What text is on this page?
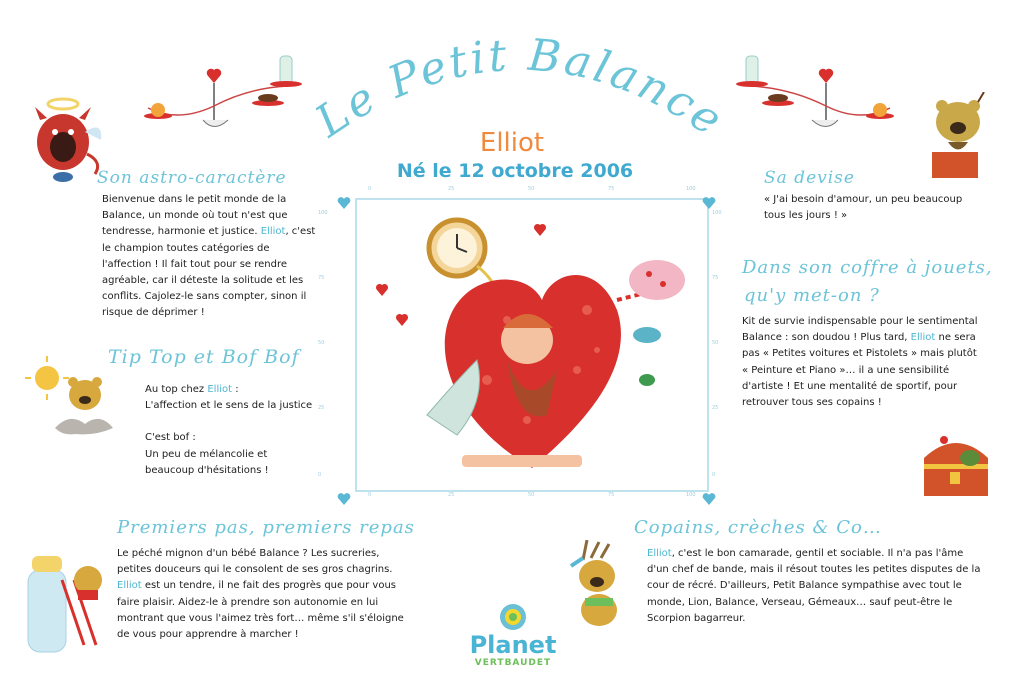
Le Petit Balance
Elliot
Né le 12 octobre 2006
Son astro-caractère
Bienvenue dans le petit monde de la Balance, un monde où tout n'est que tendresse, harmonie et justice. Elliot, c'est le champion toutes catégories de l'affection ! Il fait tout pour se rendre agréable, car il déteste la solitude et les conflits. Cajolez-le sans compter, sinon il risque de déprimer !
Tip Top et Bof Bof
Au top chez Elliot :
L'affection et le sens de la justice
C'est bof :
Un peu de mélancolie et beaucoup d'hésitations !
Premiers pas, premiers repas
Le péché mignon d'un bébé Balance ? Les sucreries, petites douceurs qui le consolent de ses gros chagrins. Elliot est un tendre, il ne fait des progrès que pour vous faire plaisir. Aidez-le à prendre son autonomie en lui montrant que vous l'aimez très fort… même s'il s'éloigne de vous pour apprendre à marcher !
0	25	50	75	100
0	25	50	75	100
100
75
50
25
0
100
75
50
25
0
Sa devise
« J'ai besoin d'amour, un peu beaucoup tous les jours ! »
Dans son coffre à jouets,
qu'y met-on ?
Kit de survie indispensable pour le sentimental Balance : son doudou ! Plus tard, Elliot ne sera pas « Petites voitures et Pistolets » mais plutôt « Peinture et Piano »… il a une sensibilité d'artiste ! Et une mentalité de sportif, pour retrouver tous ses copains !
Copains, crèches & Co…
Elliot, c'est le bon camarade, gentil et sociable. Il n'a pas l'âme d'un chef de bande, mais il résout toutes les petites disputes de la cour de récré. D'ailleurs, Petit Balance sympathise avec tout le monde, Lion, Balance, Verseau, Gémeaux… sauf peut-être le Scorpion bagarreur.
Planet
VERTBAUDET
